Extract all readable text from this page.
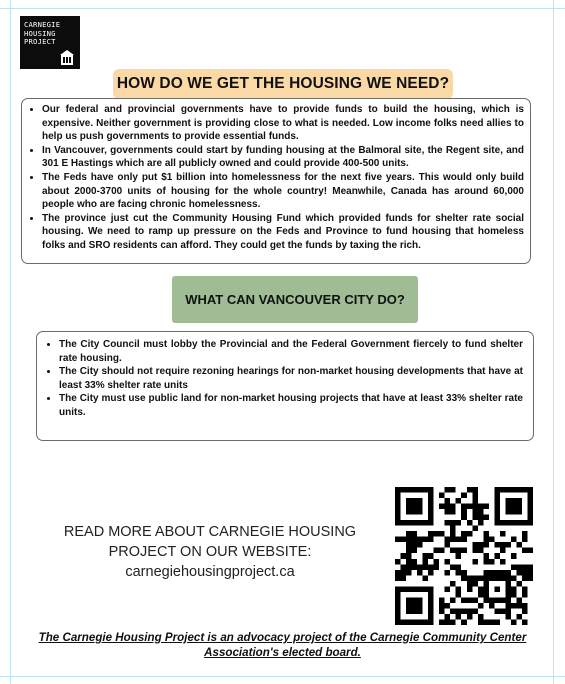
CARNEGIE
HOUSING
PROJECT
HOW DO WE GET THE HOUSING WE NEED?
• Our federal and provincial governments have to provide funds to build the housing, which is expensive. Neither government is providing close to what is needed. Low income folks need allies to help us push governments to provide essential funds.
• In Vancouver, governments could start by funding housing at the Balmoral site, the Regent site, and 301 E Hastings which are all publicly owned and could provide 400-500 units.
• The Feds have only put $1 billion into homelessness for the next five years. This would only build about 2000-3700 units of housing for the whole country! Meanwhile, Canada has around 60,000 people who are facing chronic homelessness.
• The province just cut the Community Housing Fund which provided funds for shelter rate social housing. We need to ramp up pressure on the Feds and Province to fund housing that homeless folks and SRO residents can afford. They could get the funds by taxing the rich.
WHAT CAN VANCOUVER CITY DO?
• The City Council must lobby the Provincial and the Federal Government fiercely to fund shelter rate housing.
• The City should not require rezoning hearings for non-market housing developments that have at least 33% shelter rate units
• The City must use public land for non-market housing projects that have at least 33% shelter rate units.
READ MORE ABOUT CARNEGIE HOUSING
PROJECT ON OUR WEBSITE:
carnegiehousingproject.ca
The Carnegie Housing Project is an advocacy project of the Carnegie Community Center
Association's elected board.
